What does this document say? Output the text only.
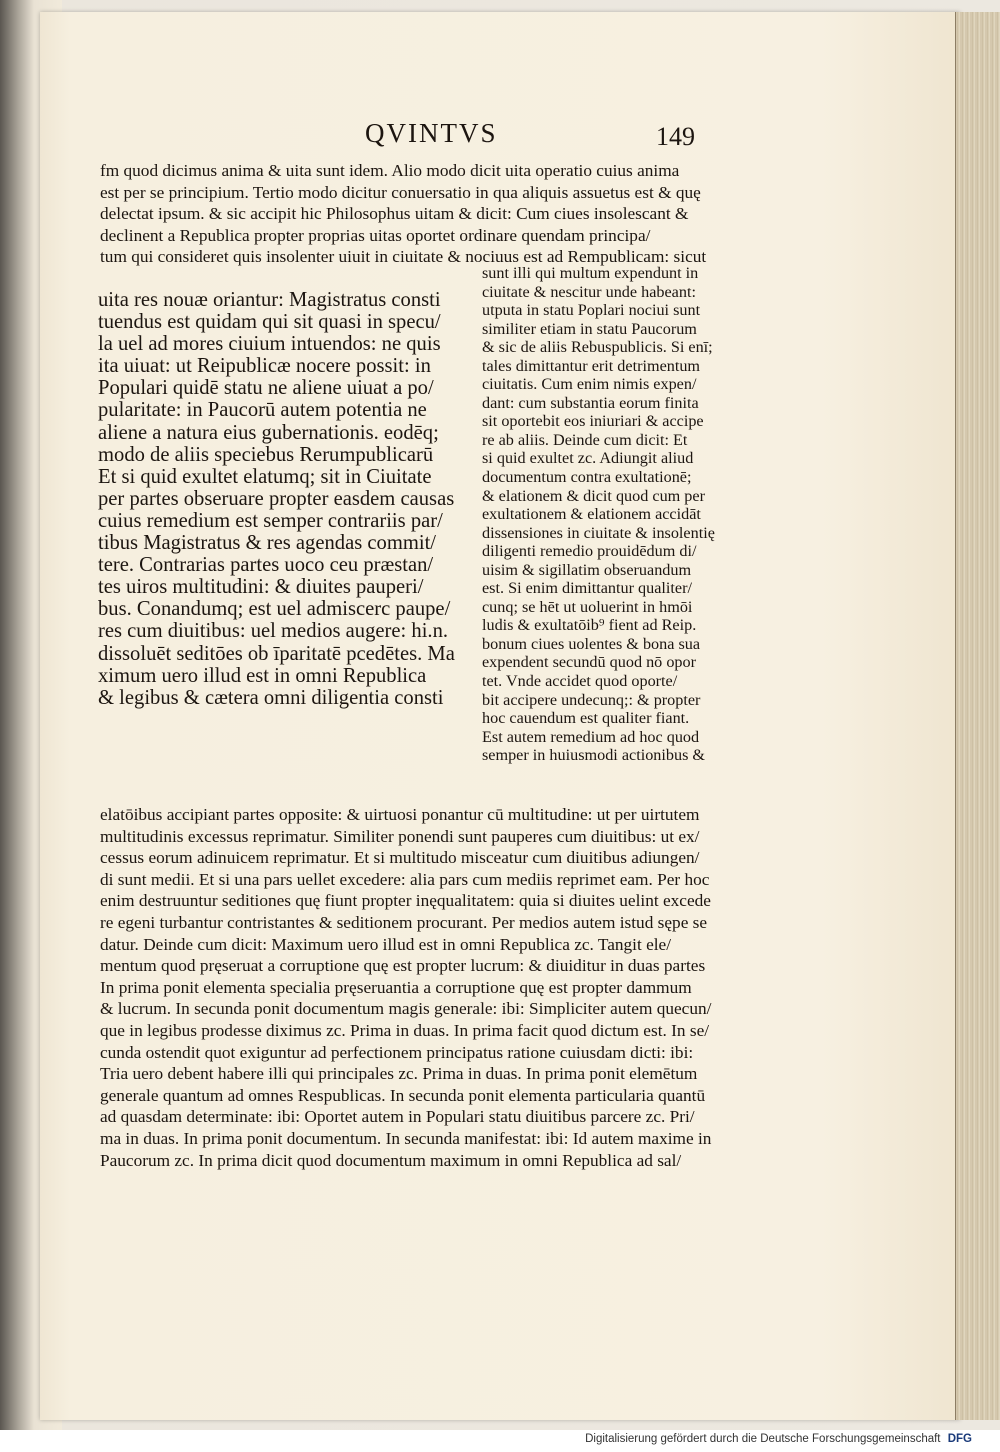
QVINTVS	149
fm quod dicimus anima & uita sunt idem. Alio modo dicit uita operatio cuius anima
est per se principium. Tertio modo dicitur conuersatio in qua aliquis assuetus est & quę
delectat ipsum. & sic accipit hic Philosophus uitam & dicit: Cum ciues insolescant &
declinent a Republica propter proprias uitas oportet ordinare quendam principa/
tum qui consideret quis insolenter uiuit in ciuitate & nociuus est ad Rempublicam: sicut
uita res nouæ oriantur: Magistratus consti
tuendus est quidam qui sit quasi in specu/
la uel ad mores ciuium intuendos: ne quis
ita uiuat: ut Reipublicæ nocere possit: in
Populari quidē statu ne aliene uiuat a po/
pularitate: in Paucorū autem potentia ne
aliene a natura eius gubernationis. eodēq;
modo de aliis speciebus Rerumpublicarū
Et si quid exultet elatumq; sit in Ciuitate
per partes obseruare propter easdem causas
cuius remedium est semper contrariis par/
tibus Magistratus & res agendas commit/
tere. Contrarias partes uoco ceu præstan/
tes uiros multitudini: & diuites pauperi/
bus. Conandumq; est uel admiscerc paupe/
res cum diuitibus: uel medios augere: hi.n.
dissoluēt seditōes ob īparitatē pcedētes. Ma
ximum uero illud est in omni Republica
& legibus & cætera omni diligentia consti
sunt illi qui multum expendunt in
ciuitate & nescitur unde habeant:
utputa in statu Poplari nociui sunt
similiter etiam in statu Paucorum
& sic de aliis Rebuspublicis. Si enī;
tales dimittantur erit detrimentum
ciuitatis. Cum enim nimis expen/
dant: cum substantia eorum finita
sit oportebit eos iniuriari & accipe
re ab aliis. Deinde cum dicit: Et
si quid exultet zc. Adiungit aliud
documentum contra exultationē;
& elationem & dicit quod cum per
exultationem & elationem accidāt
dissensiones in ciuitate & insolentię
diligenti remedio prouidēdum di/
uisim & sigillatim obseruandum
est. Si enim dimittantur qualiter/
cunq; se hēt ut uoluerint in hmōi
ludis & exultatōib⁹ fient ad Reip.
bonum ciues uolentes & bona sua
expendent secundū quod nō opor
tet. Vnde accidet quod oporte/
bit accipere undecunq;: & propter
hoc cauendum est qualiter fiant.
Est autem remedium ad hoc quod
semper in huiusmodi actionibus &
elatōibus accipiant partes opposite: & uirtuosi ponantur cū multitudine: ut per uirtutem
multitudinis excessus reprimatur. Similiter ponendi sunt pauperes cum diuitibus: ut ex/
cessus eorum adinuicem reprimatur. Et si multitudo misceatur cum diuitibus adiungen/
di sunt medii. Et si una pars uellet excedere: alia pars cum mediis reprimet eam. Per hoc
enim destruuntur seditiones quę fiunt propter inęqualitatem: quia si diuites uelint excede
re egeni turbantur contristantes & seditionem procurant. Per medios autem istud sępe se
datur. Deinde cum dicit: Maximum uero illud est in omni Republica zc. Tangit ele/
mentum quod pręseruat a corruptione quę est propter lucrum: & diuiditur in duas partes
In prima ponit elementa specialia pręseruantia a corruptione quę est propter dammum
& lucrum. In secunda ponit documentum magis generale: ibi: Simpliciter autem quecun/
que in legibus prodesse diximus zc. Prima in duas. In prima facit quod dictum est. In se/
cunda ostendit quot exiguntur ad perfectionem principatus ratione cuiusdam dicti: ibi:
Tria uero debent habere illi qui principales zc. Prima in duas. In prima ponit elemētum
generale quantum ad omnes Respublicas. In secunda ponit elementa particularia quantū
ad quasdam determinate: ibi: Oportet autem in Populari statu diuitibus parcere zc. Pri/
ma in duas. In prima ponit documentum. In secunda manifestat: ibi: Id autem maxime in
Paucorum zc. In prima dicit quod documentum maximum in omni Republica ad sal/
Digitalisierung gefördert durch die Deutsche Forschungsgemeinschaft DFG
